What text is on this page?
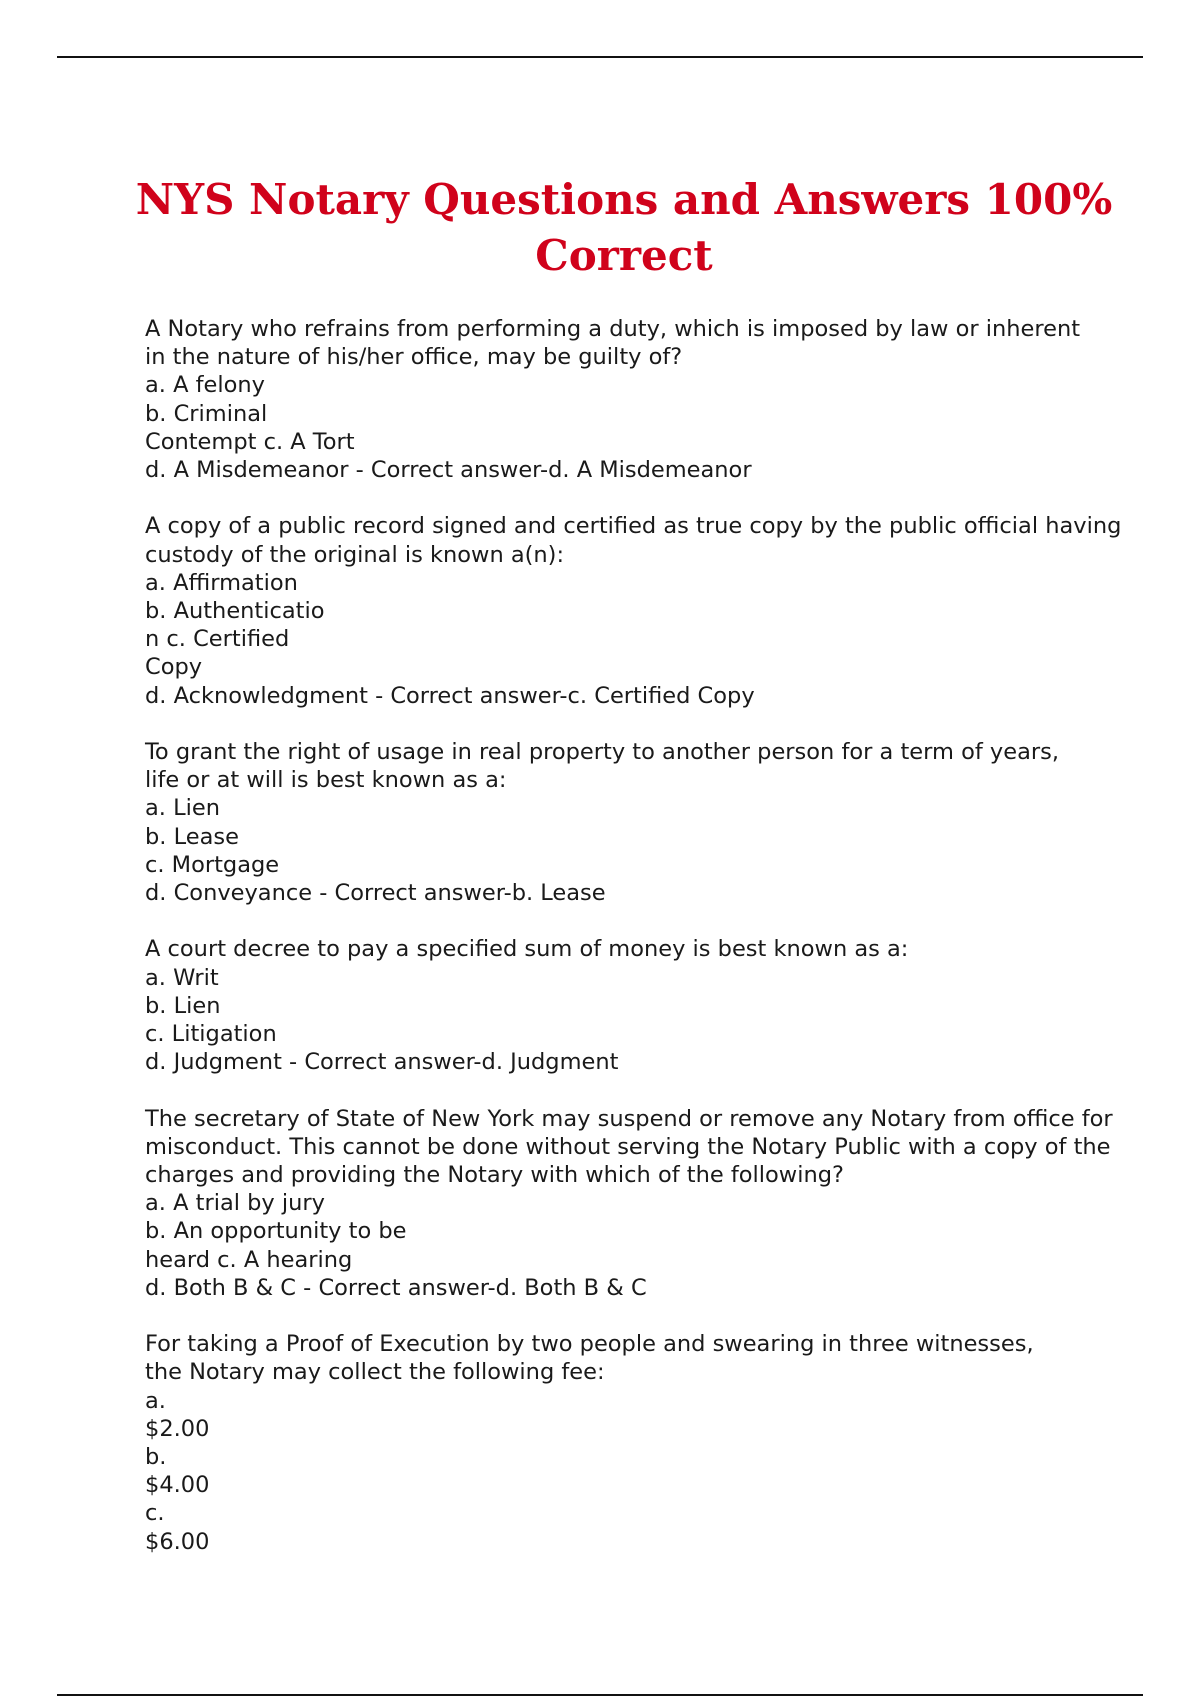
NYS Notary Questions and Answers 100%
Correct
A Notary who refrains from performing a duty, which is imposed by law or inherent
in the nature of his/her office, may be guilty of?
a. A felony
b. Criminal
Contempt c. A Tort
d. A Misdemeanor - Correct answer-d. A Misdemeanor
A copy of a public record signed and certified as true copy by the public official having
custody of the original is known a(n):
a. Affirmation
b. Authenticatio
n c. Certified
Copy
d. Acknowledgment - Correct answer-c. Certified Copy
To grant the right of usage in real property to another person for a term of years,
life or at will is best known as a:
a. Lien
b. Lease
c. Mortgage
d. Conveyance - Correct answer-b. Lease
A court decree to pay a specified sum of money is best known as a:
a. Writ
b. Lien
c. Litigation
d. Judgment - Correct answer-d. Judgment
The secretary of State of New York may suspend or remove any Notary from office for
misconduct. This cannot be done without serving the Notary Public with a copy of the
charges and providing the Notary with which of the following?
a. A trial by jury
b. An opportunity to be
heard c. A hearing
d. Both B & C - Correct answer-d. Both B & C
For taking a Proof of Execution by two people and swearing in three witnesses,
the Notary may collect the following fee:
a.
$2.00
b.
$4.00
c.
$6.00
